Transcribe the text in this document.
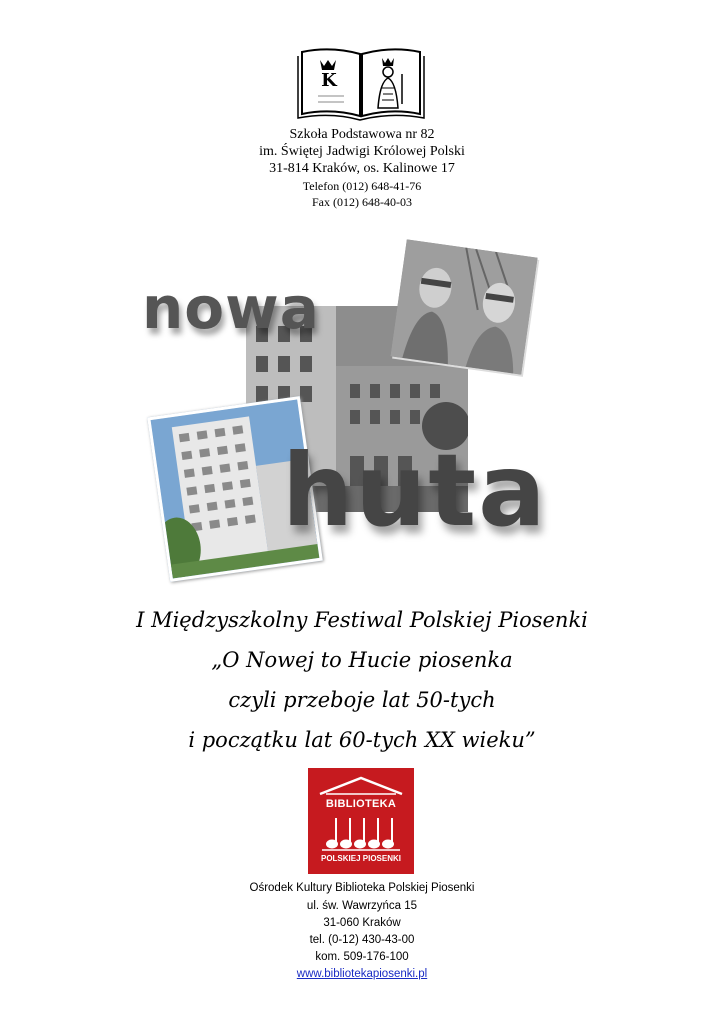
K
Szkoła Podstawowa nr 82
im. Świętej Jadwigi Królowej Polski
31-814 Kraków, os. Kalinowe 17
Telefon (012) 648-41-76
Fax (012) 648-40-03
nowa
huta
I Międzyszkolny Festiwal Polskiej Piosenki
„O Nowej to Hucie piosenka
czyli przeboje lat 50-tych
i początku lat 60-tych XX wieku”
BIBLIOTEKA
POLSKIEJ PIOSENKI
Ośrodek Kultury Biblioteka Polskiej Piosenki
ul. św. Wawrzyńca 15
31-060 Kraków
tel. (0-12) 430-43-00
kom. 509-176-100
www.bibliotekapiosenki.pl
